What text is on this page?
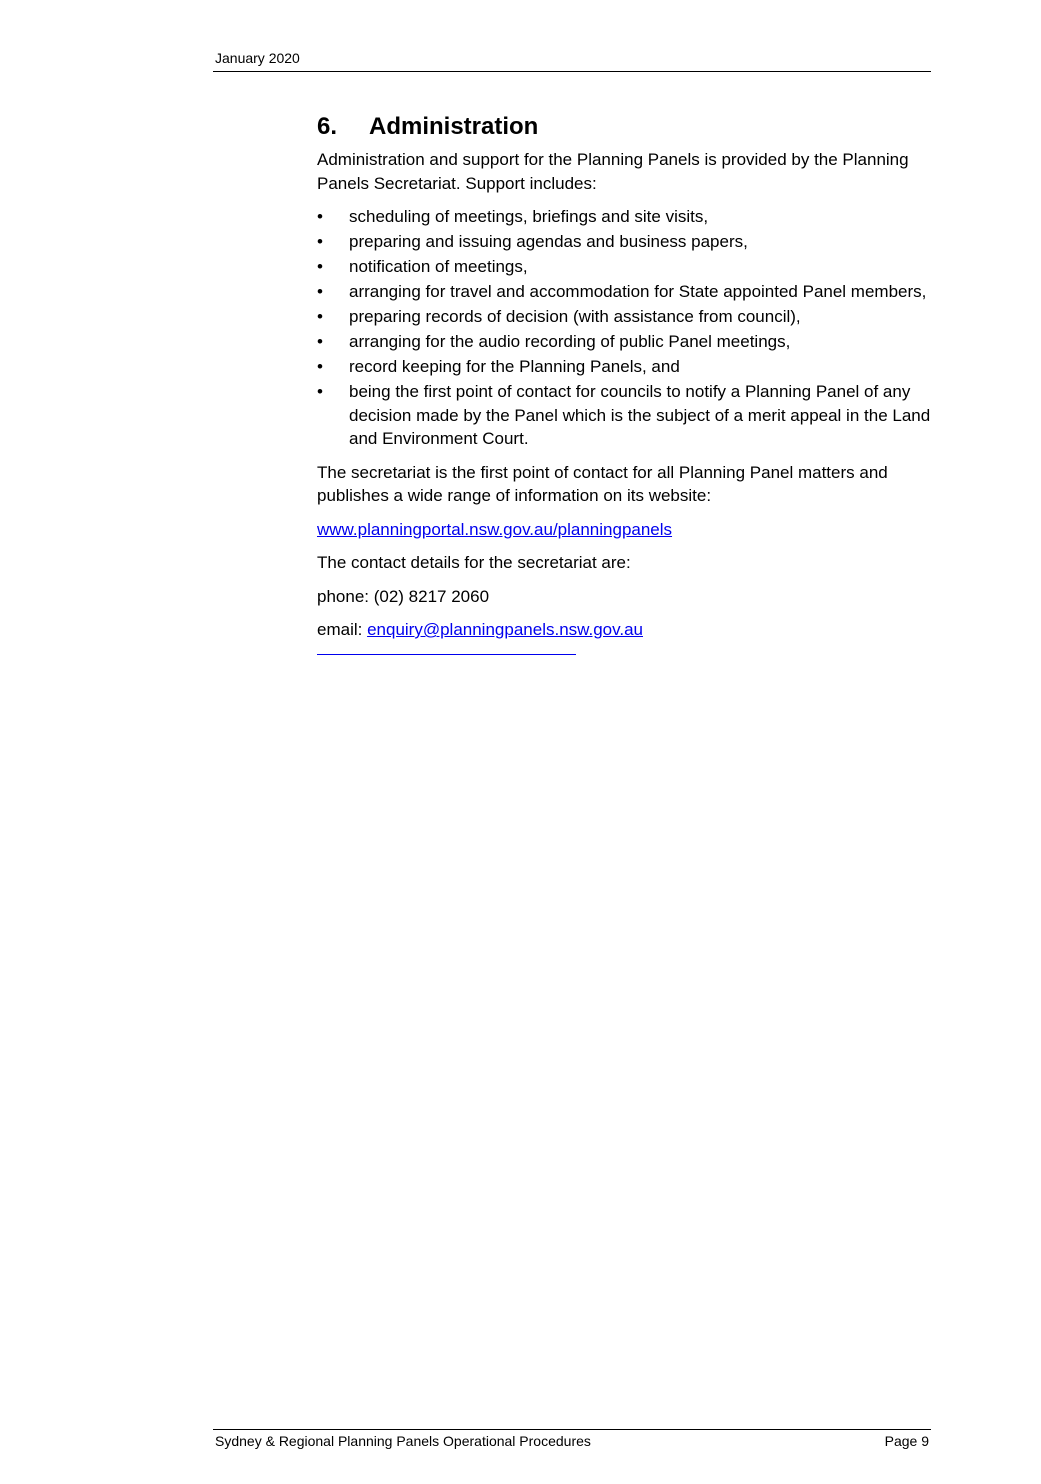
January 2020
6.	Administration

Administration and support for the Planning Panels is provided by the Planning Panels Secretariat. Support includes:

• scheduling of meetings, briefings and site visits,
• preparing and issuing agendas and business papers,
• notification of meetings,
• arranging for travel and accommodation for State appointed Panel members,
• preparing records of decision (with assistance from council),
• arranging for the audio recording of public Panel meetings,
• record keeping for the Planning Panels, and
• being the first point of contact for councils to notify a Planning Panel of any decision made by the Panel which is the subject of a merit appeal in the Land and Environment Court.

The secretariat is the first point of contact for all Planning Panel matters and publishes a wide range of information on its website:

www.planningportal.nsw.gov.au/planningpanels

The contact details for the secretariat are:

phone: (02) 8217 2060

email: enquiry@planningpanels.nsw.gov.au

Sydney & Regional Planning Panels Operational Procedures	Page 9
